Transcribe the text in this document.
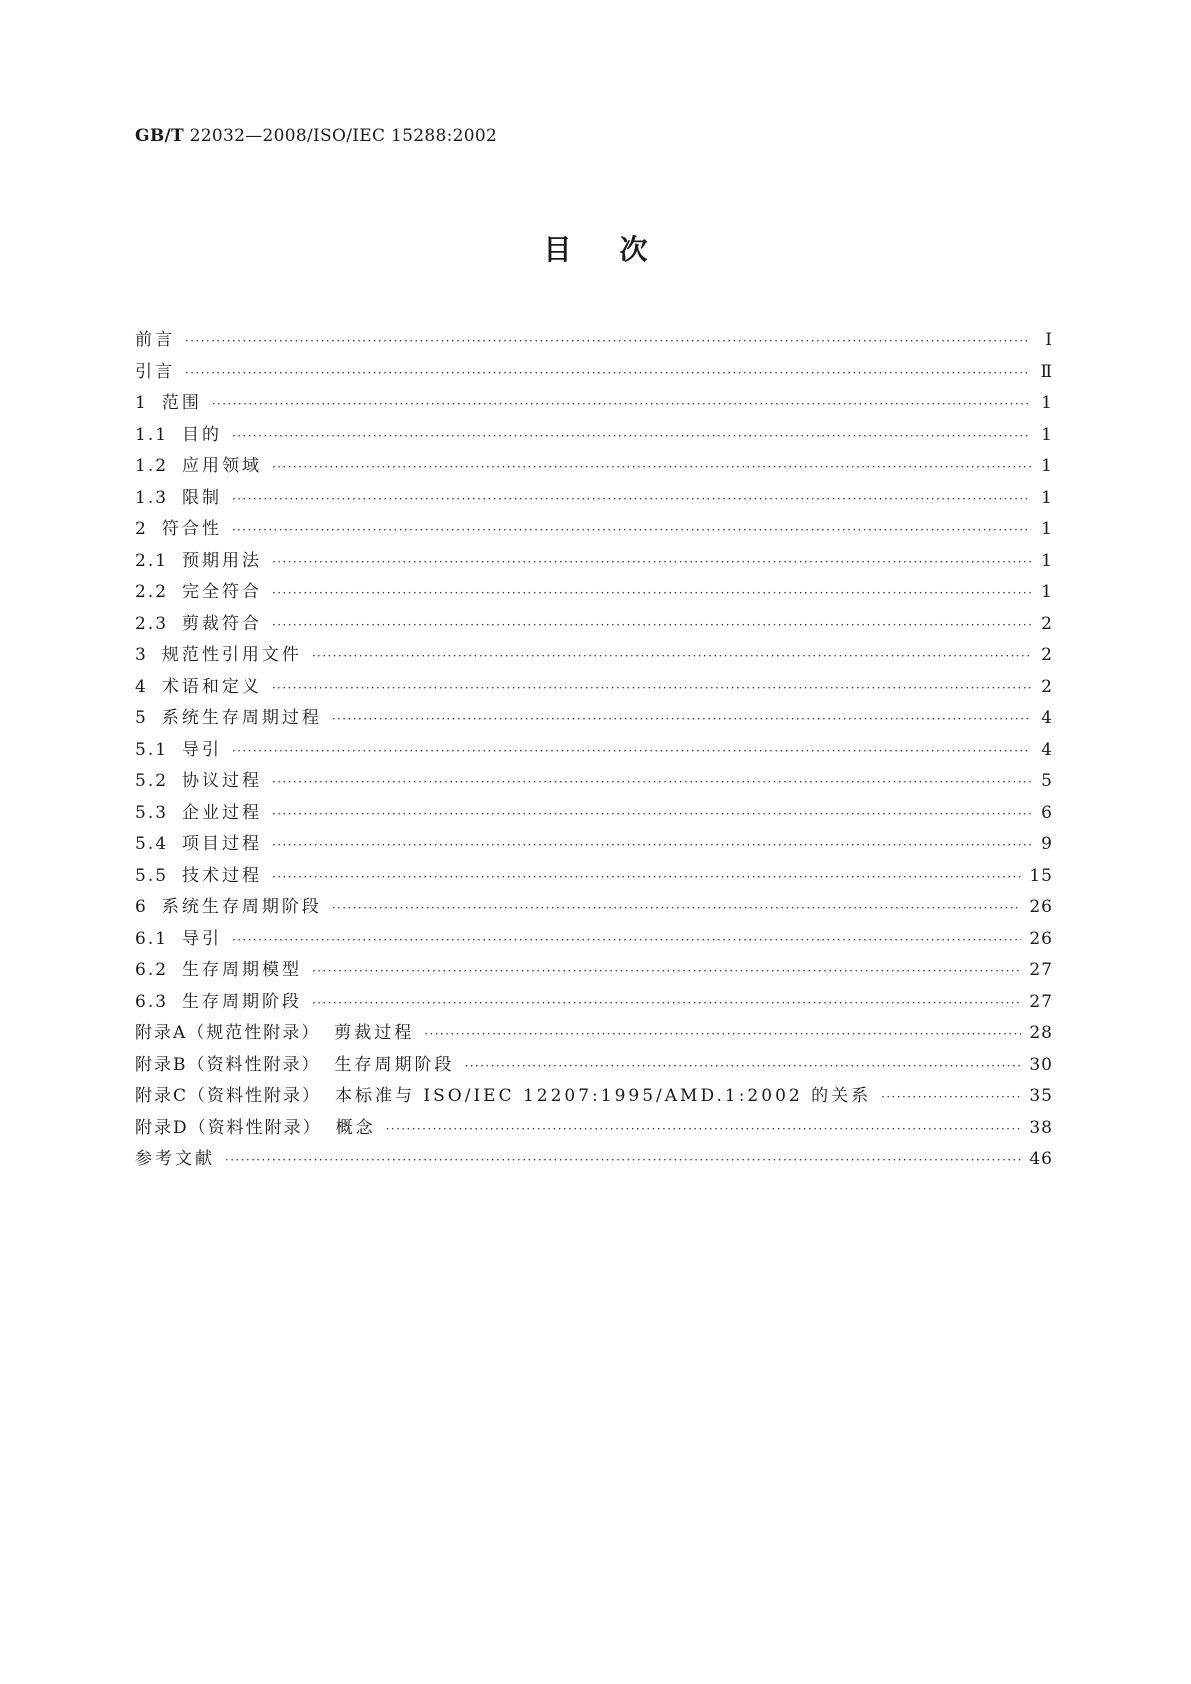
GB/T 22032—2008/ISO/IEC 15288:2002
目次
前言 ·····	Ⅰ
引言 ·····	Ⅱ
1 范围 ·····	1
1.1 目的 ·····	1
1.2 应用领域 ·····	1
1.3 限制 ·····	1
2 符合性 ·····	1
2.1 预期用法 ·····	1
2.2 完全符合 ·····	1
2.3 剪裁符合 ·····	2
3 规范性引用文件 ·····	2
4 术语和定义 ·····	2
5 系统生存周期过程 ·····	4
5.1 导引 ·····	4
5.2 协议过程 ·····	5
5.3 企业过程 ·····	6
5.4 项目过程 ·····	9
5.5 技术过程 ·····	15
6 系统生存周期阶段 ·····	26
6.1 导引 ·····	26
6.2 生存周期模型 ·····	27
6.3 生存周期阶段 ·····	27
附录A（规范性附录） 剪裁过程 ·····	28
附录B（资料性附录） 生存周期阶段 ·····	30
附录C（资料性附录） 本标准与 ISO/IEC 12207:1995/AMD.1:2002 的关系 ·····	35
附录D（资料性附录） 概念 ·····	38
参考文献 ·····	46
